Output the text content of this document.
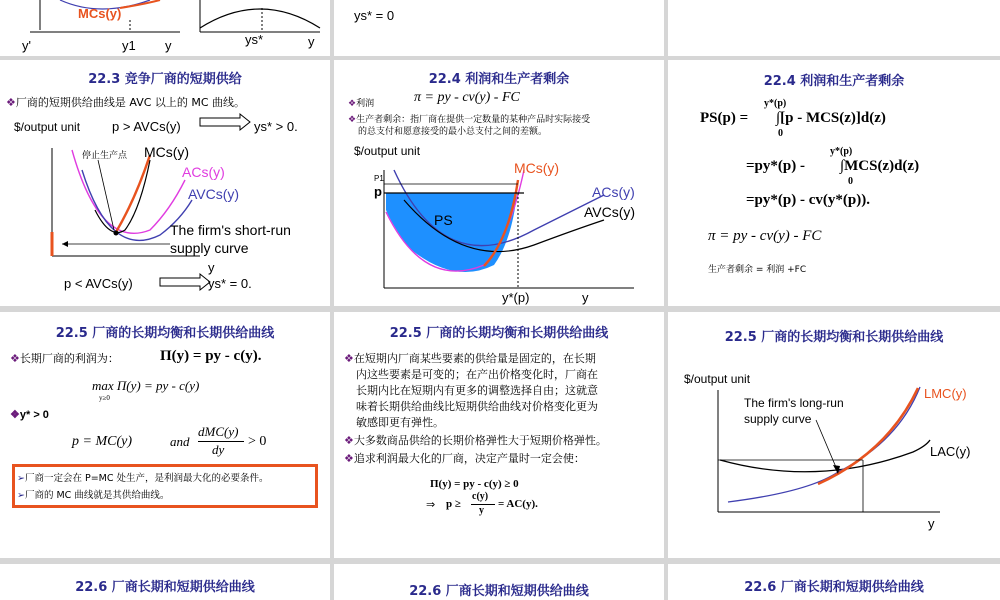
MCs(y)
y'	y1 y	ys*	y
ys* = 0
22.3 竞争厂商的短期供给
❖厂商的短期供给曲线是 AVC 以上的 MC 曲线。
$/output unit p > AVCs(y)	ys* > 0.
停止生产点 MCs(y)
ACs(y)
AVCs(y)
The firm's short-run
supply curve
y
p < AVCs(y)	ys* = 0.
22.4 利润和生产者剩余
❖利润	π = py - cv(y) - FC
❖生产者剩余：指厂商在提供一定数量的某种产品时实际接受
的总支付和愿意接受的最小总支付之间的差额。
$/output unit
P1
p
MCs(y)
ACs(y)
AVCs(y)
PS
y*(p)	y
22.4 利润和生产者剩余
PS(p) =
y*(p)
∫[p - MCS(z)]d(z)
0
y*(p)
=py*(p) - ∫MCS(z)d(z)
0
=py*(p) - cv(y*(p)).
π = py - cv(y) - FC
生产者剩余 = 利润 +FC
22.5 厂商的长期均衡和长期供给曲线
❖长期厂商的利润为：	Π(y) = py - c(y).
max Π(y) = py - c(y)
y≥0
❖y* > 0
p = MC(y)	and
dMC(y)
dy
> 0
➢厂商一定会在 P=MC 处生产，是利润最大化的必要条件。
➢厂商的 MC 曲线就是其供给曲线。
22.5 厂商的长期均衡和长期供给曲线
❖在短期内厂商某些要素的供给量是固定的，在长期
内这些要素是可变的；在产出价格变化时，厂商在
长期内比在短期内有更多的调整选择自由；这就意
味着长期供给曲线比短期供给曲线对价格变化更为
敏感即更有弹性。
❖大多数商品供给的长期价格弹性大于短期价格弹性。
❖追求利润最大化的厂商，决定产量时一定会使：
Π(y) = py - c(y) ≥ 0
⇒ p ≥
c(y)
y
= AC(y).
22.5 厂商的长期均衡和长期供给曲线
$/output unit
LMC(y)
LAC(y)
The firm's long-run
supply curve
y
22.6 厂商长期和短期供给曲线	22.6 厂商长期和短期供给曲线	22.6 厂商长期和短期供给曲线
